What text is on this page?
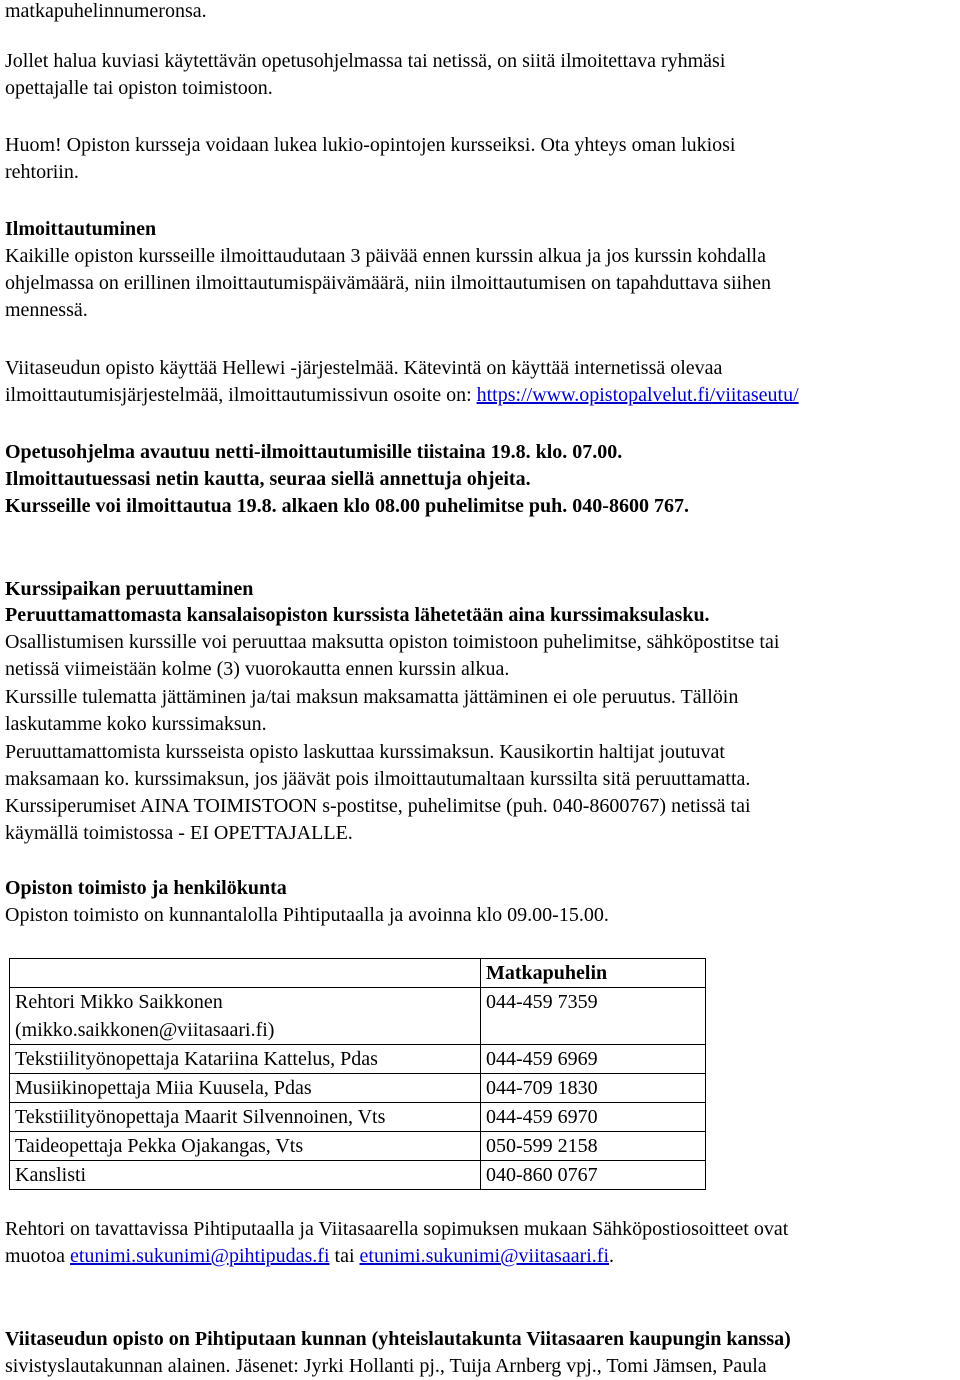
matkapuhelinnumeronsa.
Jollet halua kuviasi käytettävän opetusohjelmassa tai netissä, on siitä ilmoitettava ryhmäsi
opettajalle tai opiston toimistoon.
Huom! Opiston kursseja voidaan lukea lukio-opintojen kursseiksi. Ota yhteys oman lukiosi
rehtoriin.
Ilmoittautuminen
Kaikille opiston kursseille ilmoittaudutaan 3 päivää ennen kurssin alkua ja jos kurssin kohdalla
ohjelmassa on erillinen ilmoittautumispäivämäärä, niin ilmoittautumisen on tapahduttava siihen
mennessä.
Viitaseudun opisto käyttää Hellewi -järjestelmää. Kätevintä on käyttää internetissä olevaa
ilmoittautumisjärjestelmää, ilmoittautumissivun osoite on: https://www.opistopalvelut.fi/viitaseutu/
Opetusohjelma avautuu netti-ilmoittautumisille tiistaina 19.8. klo. 07.00.
Ilmoittautuessasi netin kautta, seuraa siellä annettuja ohjeita.
Kursseille voi ilmoittautua 19.8. alkaen klo 08.00 puhelimitse puh. 040-8600 767.
Kurssipaikan peruuttaminen
Peruuttamattomasta kansalaisopiston kurssista lähetetään aina kurssimaksulasku.
Osallistumisen kurssille voi peruuttaa maksutta opiston toimistoon puhelimitse, sähköpostitse tai
netissä viimeistään kolme (3) vuorokautta ennen kurssin alkua.
Kurssille tulematta jättäminen ja/tai maksun maksamatta jättäminen ei ole peruutus. Tällöin
laskutamme koko kurssimaksun.
Peruuttamattomista kursseista opisto laskuttaa kurssimaksun. Kausikortin haltijat joutuvat
maksamaan ko. kurssimaksun, jos jäävät pois ilmoittautumaltaan kurssilta sitä peruuttamatta.
Kurssiperumiset AINA TOIMISTOON s-postitse, puhelimitse (puh. 040-8600767) netissä tai
käymällä toimistossa - EI OPETTAJALLE.
Opiston toimisto ja henkilökunta
Opiston toimisto on kunnantalolla Pihtiputaalla ja avoinna klo 09.00-15.00.
	Matkapuhelin

Rehtori Mikko Saikkonen
(mikko.saikkonen@viitasaari.fi)	044-459 7359
Tekstiilityönopettaja Katariina Kattelus, Pdas	044-459 6969
Musiikinopettaja Miia Kuusela, Pdas	044-709 1830
Tekstiilityönopettaja Maarit Silvennoinen, Vts	044-459 6970
Taideopettaja Pekka Ojakangas, Vts	050-599 2158
Kanslisti	040-860 0767
Rehtori on tavattavissa Pihtiputaalla ja Viitasaarella sopimuksen mukaan Sähköpostiosoitteet ovat
muotoa etunimi.sukunimi@pihtipudas.fi tai etunimi.sukunimi@viitasaari.fi.
Viitaseudun opisto on Pihtiputaan kunnan (yhteislautakunta Viitasaaren kaupungin kanssa)
sivistyslautakunnan alainen. Jäsenet: Jyrki Hollanti pj., Tuija Arnberg vpj., Tomi Jämsen, Paula
